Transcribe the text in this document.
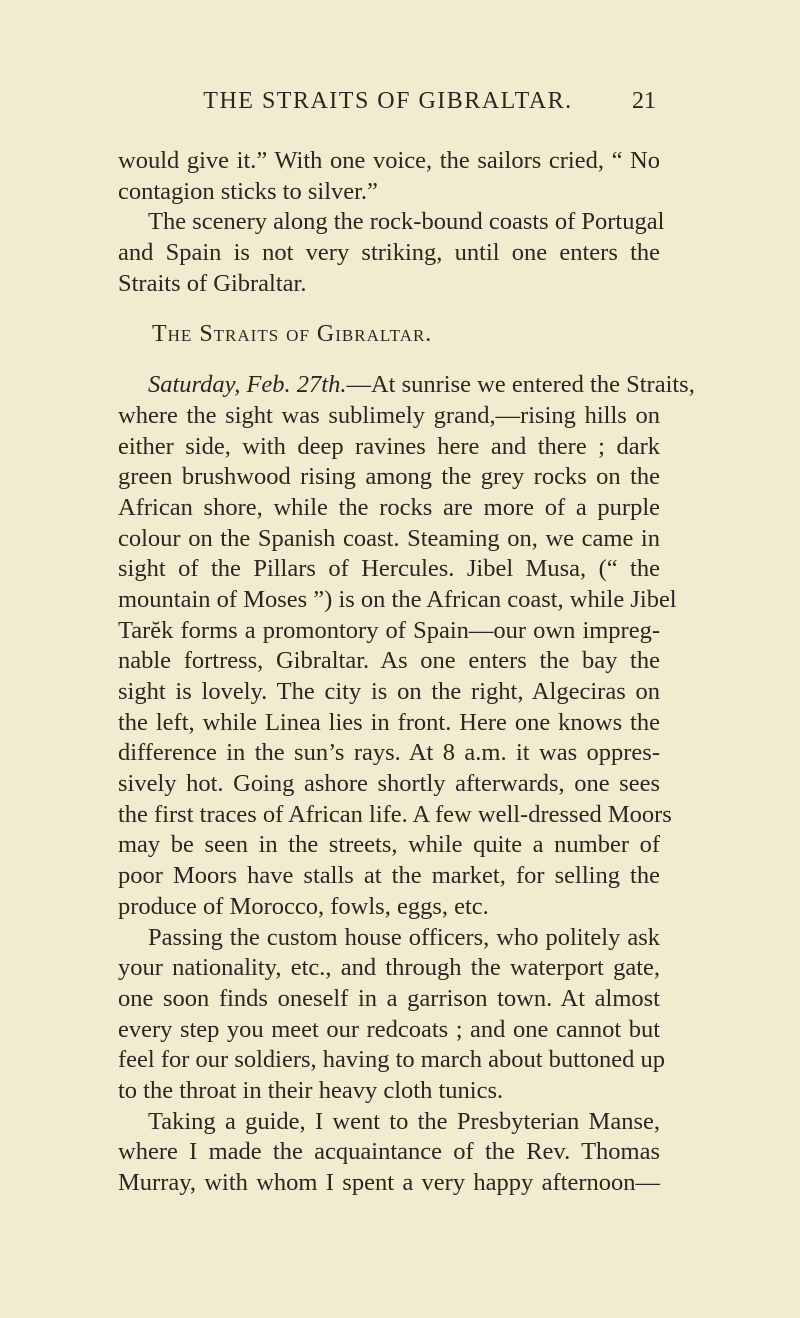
THE STRAITS OF GIBRALTAR.	21
would give it.” With one voice, the sailors cried, “ No
contagion sticks to silver.”
The scenery along the rock-bound coasts of Portugal
and Spain is not very striking, until one enters the
Straits of Gibraltar.
The Straits of Gibraltar.
Saturday, Feb. 27th.—At sunrise we entered the Straits,
where the sight was sublimely grand,—rising hills on
either side, with deep ravines here and there ; dark
green brushwood rising among the grey rocks on the
African shore, while the rocks are more of a purple
colour on the Spanish coast. Steaming on, we came in
sight of the Pillars of Hercules. Jibel Musa, (“ the
mountain of Moses ”) is on the African coast, while Jibel
Tarĕk forms a promontory of Spain—our own impreg-
nable fortress, Gibraltar. As one enters the bay the
sight is lovely. The city is on the right, Algeciras on
the left, while Linea lies in front. Here one knows the
difference in the sun’s rays. At 8 a.m. it was oppres-
sively hot. Going ashore shortly afterwards, one sees
the first traces of African life. A few well-dressed Moors
may be seen in the streets, while quite a number of
poor Moors have stalls at the market, for selling the
produce of Morocco, fowls, eggs, etc.
Passing the custom house officers, who politely ask
your nationality, etc., and through the waterport gate,
one soon finds oneself in a garrison town. At almost
every step you meet our redcoats ; and one cannot but
feel for our soldiers, having to march about buttoned up
to the throat in their heavy cloth tunics.
Taking a guide, I went to the Presbyterian Manse,
where I made the acquaintance of the Rev. Thomas
Murray, with whom I spent a very happy afternoon—
